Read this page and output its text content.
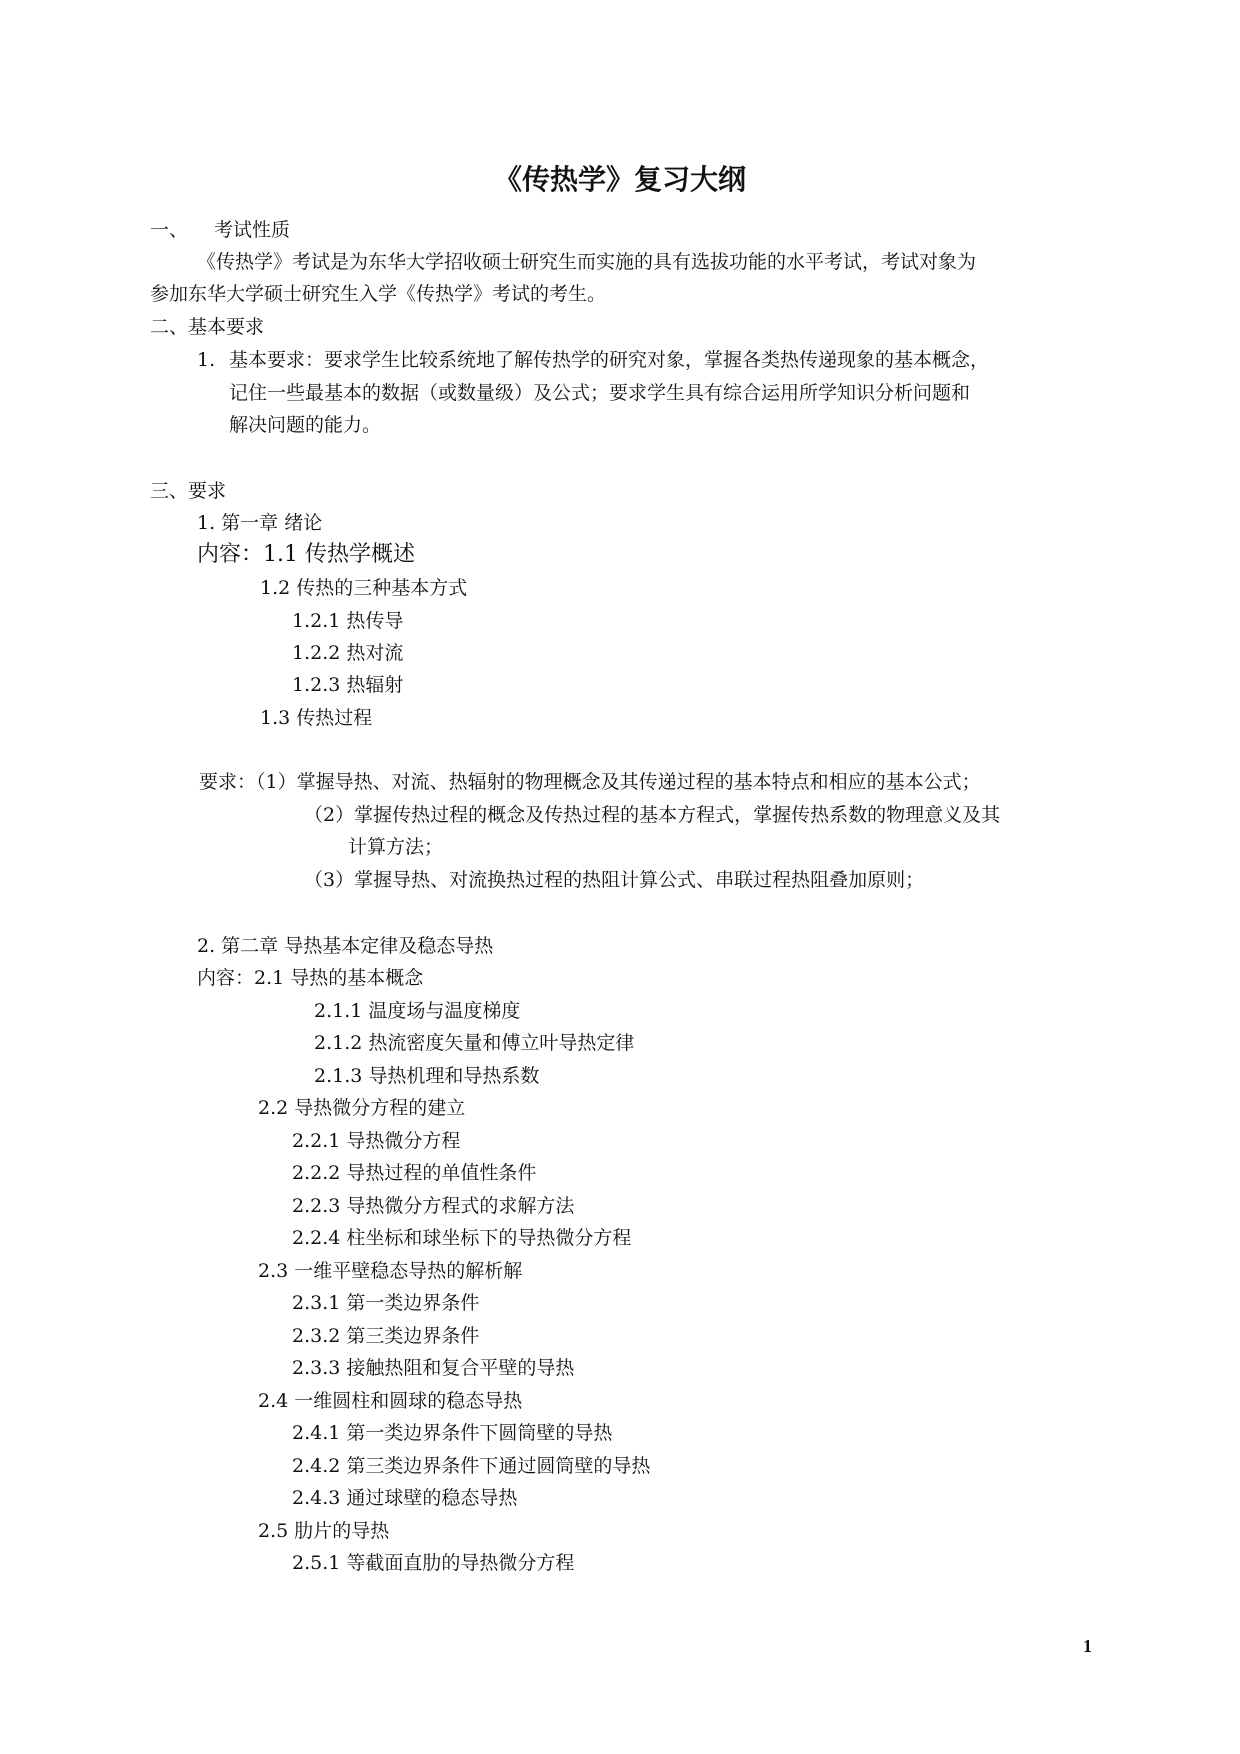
《传热学》复习大纲
一、 考试性质
《传热学》考试是为东华大学招收硕士研究生而实施的具有选拔功能的水平考试，考试对象为
参加东华大学硕士研究生入学《传热学》考试的考生。
二、基本要求
1. 基本要求：要求学生比较系统地了解传热学的研究对象，掌握各类热传递现象的基本概念，
记住一些最基本的数据（或数量级）及公式；要求学生具有综合运用所学知识分析问题和
解决问题的能力。
三、要求
1. 第一章 绪论
内容：1.1 传热学概述
1.2 传热的三种基本方式
1.2.1 热传导
1.2.2 热对流
1.2.3 热辐射
1.3 传热过程
要求：（1）掌握导热、对流、热辐射的物理概念及其传递过程的基本特点和相应的基本公式；
（2）掌握传热过程的概念及传热过程的基本方程式，掌握传热系数的物理意义及其
计算方法；
（3）掌握导热、对流换热过程的热阻计算公式、串联过程热阻叠加原则；
2. 第二章 导热基本定律及稳态导热
内容：2.1 导热的基本概念
2.1.1 温度场与温度梯度
2.1.2 热流密度矢量和傅立叶导热定律
2.1.3 导热机理和导热系数
2.2 导热微分方程的建立
2.2.1 导热微分方程
2.2.2 导热过程的单值性条件
2.2.3 导热微分方程式的求解方法
2.2.4 柱坐标和球坐标下的导热微分方程
2.3 一维平壁稳态导热的解析解
2.3.1 第一类边界条件
2.3.2 第三类边界条件
2.3.3 接触热阻和复合平壁的导热
2.4 一维圆柱和圆球的稳态导热
2.4.1 第一类边界条件下圆筒壁的导热
2.4.2 第三类边界条件下通过圆筒壁的导热
2.4.3 通过球壁的稳态导热
2.5 肋片的导热
2.5.1 等截面直肋的导热微分方程
1
